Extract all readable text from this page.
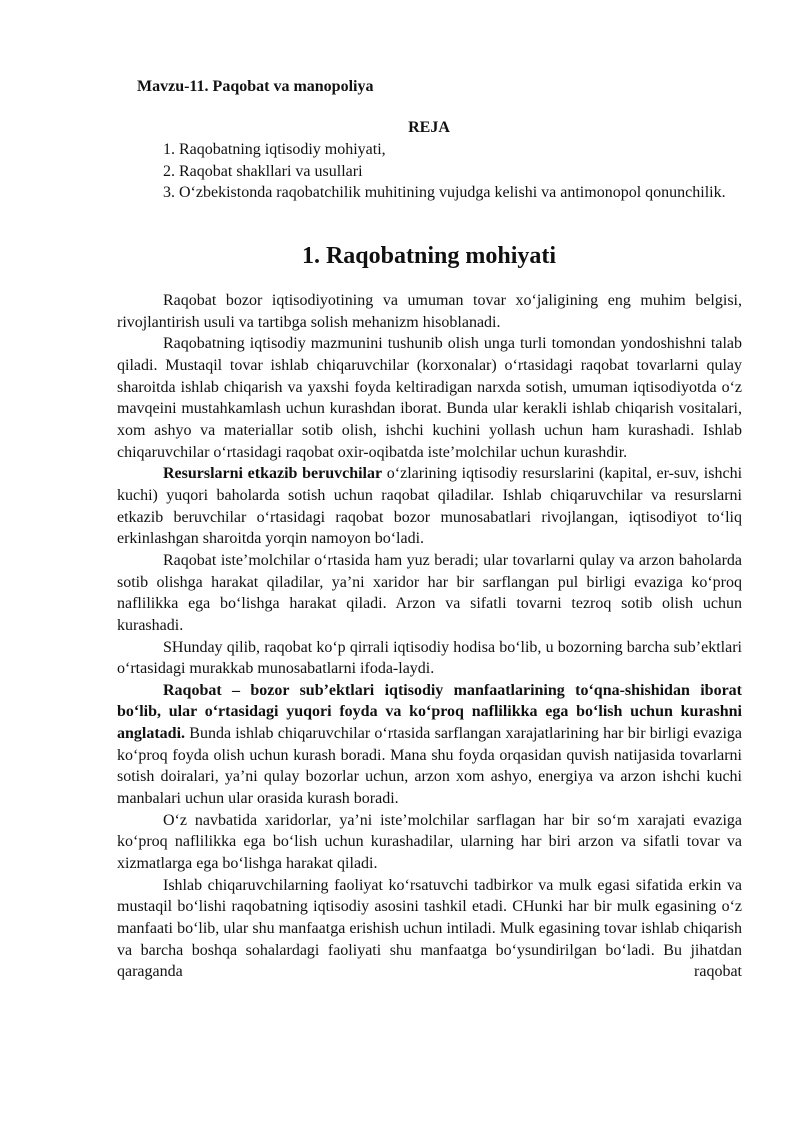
Mavzu-11. Paqobat va manopoliya
REJA
1. Raqobatning iqtisodiy mohiyati,
2. Raqobat shakllari va usullari
3. O‘zbekistonda raqobatchilik muhitining vujudga kelishi va antimonopol qonunchilik.
1. Raqobatning mohiyati

Raqobat bozor iqtisodiyotining va umuman tovar xo‘jaligining eng muhim belgisi, rivojlantirish usuli va tartibga solish mehanizm hisoblanadi.

Raqobatning iqtisodiy mazmunini tushunib olish unga turli tomondan yondoshishni talab qiladi. Mustaqil tovar ishlab chiqaruvchilar (korxonalar) o‘rtasidagi raqobat tovarlarni qulay sharoitda ishlab chiqarish va yaxshi foyda keltiradigan narxda sotish, umuman iqtisodiyotda o‘z mavqeini mustahkamlash uchun kurashdan iborat. Bunda ular kerakli ishlab chiqarish vositalari, xom ashyo va materiallar sotib olish, ishchi kuchini yollash uchun ham kurashadi. Ishlab chiqaruvchilar o‘rtasidagi raqobat oxir-oqibatda iste’molchilar uchun kurashdir.

Resurslarni etkazib beruvchilar o‘zlarining iqtisodiy resurslarini (kapital, er-suv, ishchi kuchi) yuqori baholarda sotish uchun raqobat qiladilar. Ishlab chiqaruvchilar va resurslarni etkazib beruvchilar o‘rtasidagi raqobat bozor munosabatlari rivojlangan, iqtisodiyot to‘liq erkinlashgan sharoitda yorqin namoyon bo‘ladi.

Raqobat iste’molchilar o‘rtasida ham yuz beradi; ular tovarlarni qulay va arzon baholarda sotib olishga harakat qiladilar, ya’ni xaridor har bir sarflangan pul birligi evaziga ko‘proq naflilikka ega bo‘lishga harakat qiladi. Arzon va sifatli tovarni tezroq sotib olish uchun kurashadi.

SHunday qilib, raqobat ko‘p qirrali iqtisodiy hodisa bo‘lib, u bozorning barcha sub’ektlari o‘rtasidagi murakkab munosabatlarni ifoda-laydi.

Raqobat – bozor sub’ektlari iqtisodiy manfaatlarining to‘qna-shishidan iborat bo‘lib, ular o‘rtasidagi yuqori foyda va ko‘proq naflilikka ega bo‘lish uchun kurashni anglatadi. Bunda ishlab chiqaruvchilar o‘rtasida sarflangan xarajatlarining har bir birligi evaziga ko‘proq foyda olish uchun kurash boradi. Mana shu foyda orqasidan quvish natijasida tovarlarni sotish doiralari, ya’ni qulay bozorlar uchun, arzon xom ashyo, energiya va arzon ishchi kuchi manbalari uchun ular orasida kurash boradi.

O‘z navbatida xaridorlar, ya’ni iste’molchilar sarflagan har bir so‘m xarajati evaziga ko‘proq naflilikka ega bo‘lish uchun kurashadilar, ularning har biri arzon va sifatli tovar va xizmatlarga ega bo‘lishga harakat qiladi.

Ishlab chiqaruvchilarning faoliyat ko‘rsatuvchi tadbirkor va mulk egasi sifatida erkin va mustaqil bo‘lishi raqobatning iqtisodiy asosini tashkil etadi. CHunki har bir mulk egasining o‘z manfaati bo‘lib, ular shu manfaatga erishish uchun intiladi. Mulk egasining tovar ishlab chiqarish va barcha boshqa sohalardagi faoliyati shu manfaatga bo‘ysundirilgan bo‘ladi. Bu jihatdan qaraganda raqobat
